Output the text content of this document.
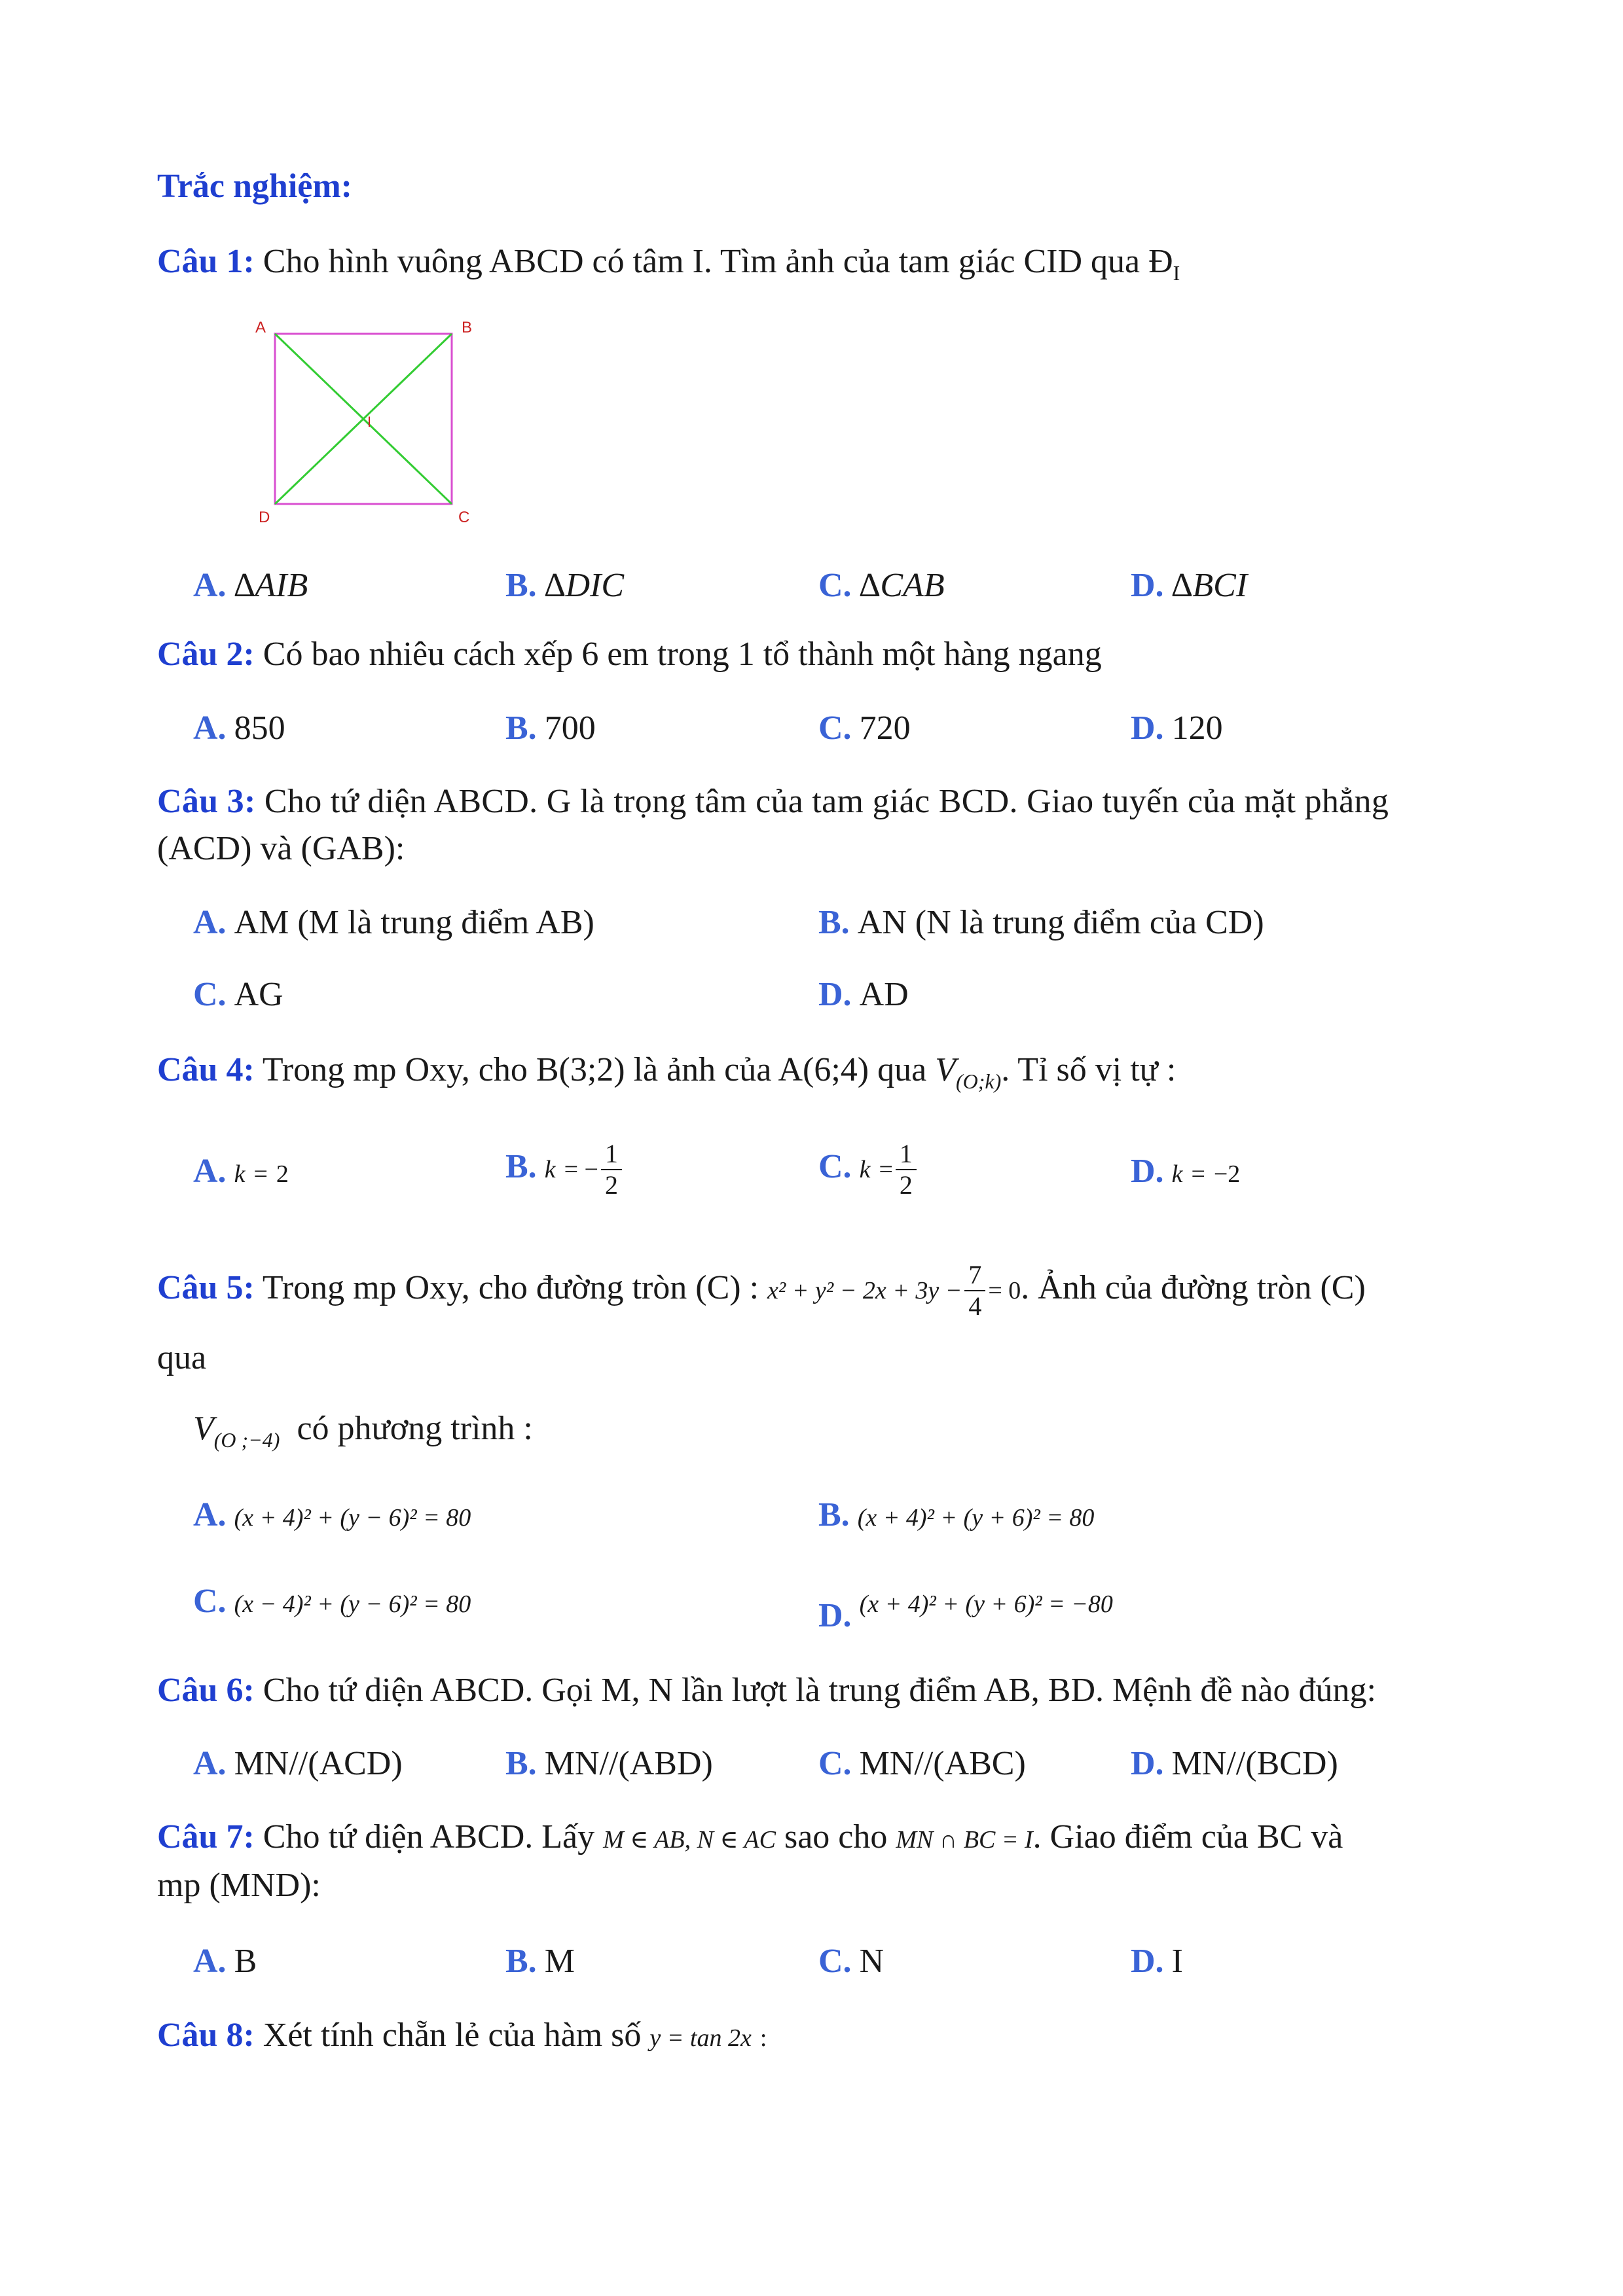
Trắc nghiệm:
Câu 1: Cho hình vuông ABCD có tâm I. Tìm ảnh của tam giác CID qua $Đ_I$
A	B
C
D
I
A. ∆AIB	B. ∆DIC	C. ∆CAB	D. ∆BCI
Câu 2: Có bao nhiêu cách xếp 6 em trong 1 tổ thành một hàng ngang
A. 850	B. 700	C. 720	D. 120
Câu 3: Cho tứ diện ABCD. G là trọng tâm của tam giác BCD. Giao tuyến của mặt phẳng
(ACD) và (GAB):
A. AM (M là trung điểm AB)	B. AN (N là trung điểm của CD)
C. AG	D. AD
Câu 4: Trong mp Oxy, cho B(3;2) là ảnh của A(6;4) qua $V_{(O;k)}$. Tỉ số vị tự :
A. k = 2	B. k = − $\frac{1}{2}$	C. $k = \frac{1}{2}$	D. k = −2
Câu 5: Trong mp Oxy, cho đường tròn (C) : $x^2 + y^2 - 2x + 3y - \frac{7}{4} = 0$. Ảnh của đường tròn (C)
qua
$V_{(O ;-4)}$ có phương trình :
A. (x + 4)² + (y − 6)² = 80	B. (x + 4)² + (y + 6)² = 80
C. (x − 4)² + (y − 6)² = 80	D. (x + 4)² + (y + 6)² = −80
Câu 6: Cho tứ diện ABCD. Gọi M, N lần lượt là trung điểm AB, BD. Mệnh đề nào đúng:
A. MN//(ACD)	B. MN//(ABD)	C. MN//(ABC)	D. MN//(BCD)
Câu 7: Cho tứ diện ABCD. Lấy M ∈ AB, N ∈ AC sao cho MN ∩ BC = I. Giao điểm của BC và
mp (MND):
A. B	B. M	C. N	D. I
Câu 8: Xét tính chẵn lẻ của hàm số y = tan 2x :
